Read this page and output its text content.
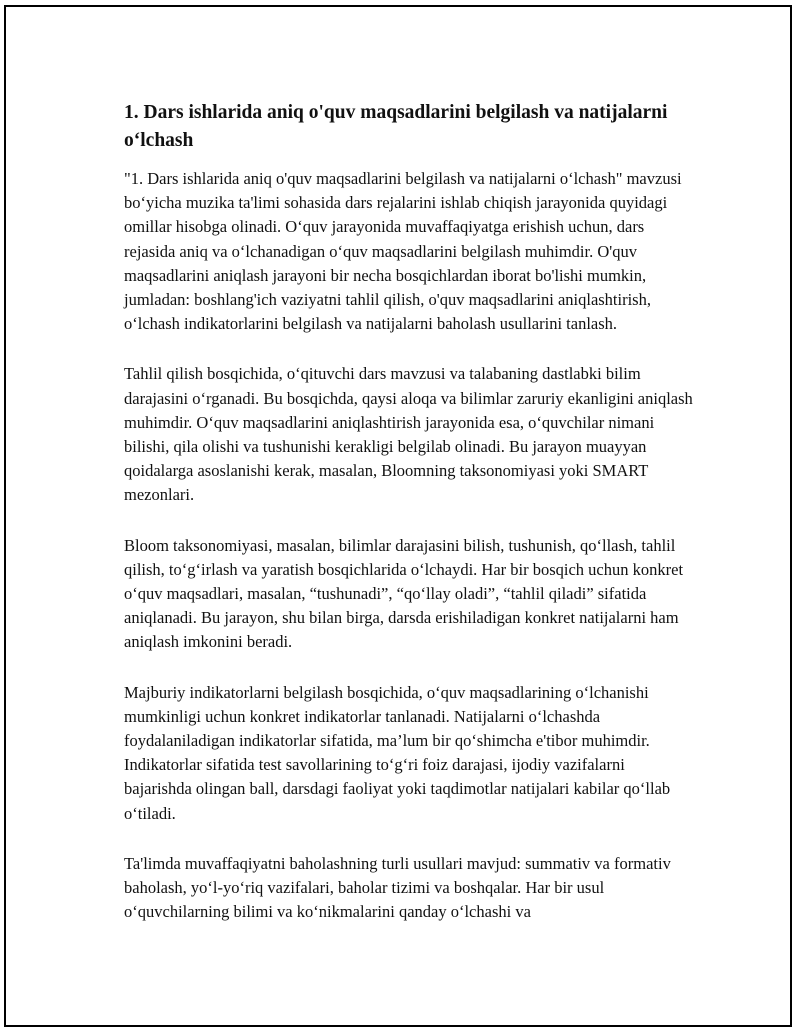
1. Dars ishlarida aniq o'quv maqsadlarini belgilash va natijalarni o‘lchash

"1. Dars ishlarida aniq o'quv maqsadlarini belgilash va natijalarni o‘lchash" mavzusi bo‘yicha muzika ta'limi sohasida dars rejalarini ishlab chiqish jarayonida quyidagi omillar hisobga olinadi. O‘quv jarayonida muvaffaqiyatga erishish uchun, dars rejasida aniq va o‘lchanadigan o‘quv maqsadlarini belgilash muhimdir. O'quv maqsadlarini aniqlash jarayoni bir necha bosqichlardan iborat bo'lishi mumkin, jumladan: boshlang'ich vaziyatni tahlil qilish, o'quv maqsadlarini aniqlashtirish, o‘lchash indikatorlarini belgilash va natijalarni baholash usullarini tanlash.

Tahlil qilish bosqichida, o‘qituvchi dars mavzusi va talabaning dastlabki bilim darajasini o‘rganadi. Bu bosqichda, qaysi aloqa va bilimlar zaruriy ekanligini aniqlash muhimdir. O‘quv maqsadlarini aniqlashtirish jarayonida esa, o‘quvchilar nimani bilishi, qila olishi va tushunishi kerakligi belgilab olinadi. Bu jarayon muayyan qoidalarga asoslanishi kerak, masalan, Bloomning taksonomiyasi yoki SMART mezonlari.

Bloom taksonomiyasi, masalan, bilimlar darajasini bilish, tushunish, qo‘llash, tahlil qilish, to‘g‘irlash va yaratish bosqichlarida o‘lchaydi. Har bir bosqich uchun konkret o‘quv maqsadlari, masalan, “tushunadi”, “qo‘llay oladi”, “tahlil qiladi” sifatida aniqlanadi. Bu jarayon, shu bilan birga, darsda erishiladigan konkret natijalarni ham aniqlash imkonini beradi.

Majburiy indikatorlarni belgilash bosqichida, o‘quv maqsadlarining o‘lchanishi mumkinligi uchun konkret indikatorlar tanlanadi. Natijalarni o‘lchashda foydalaniladigan indikatorlar sifatida, ma’lum bir qo‘shimcha e'tibor muhimdir. Indikatorlar sifatida test savollarining to‘g‘ri foiz darajasi, ijodiy vazifalarni bajarishda olingan ball, darsdagi faoliyat yoki taqdimotlar natijalari kabilar qo‘llab o‘tiladi.

Ta'limda muvaffaqiyatni baholashning turli usullari mavjud: summativ va formativ baholash, yo‘l-yo‘riq vazifalari, baholar tizimi va boshqalar. Har bir usul o‘quvchilarning bilimi va ko‘nikmalarini qanday o‘lchashi va
